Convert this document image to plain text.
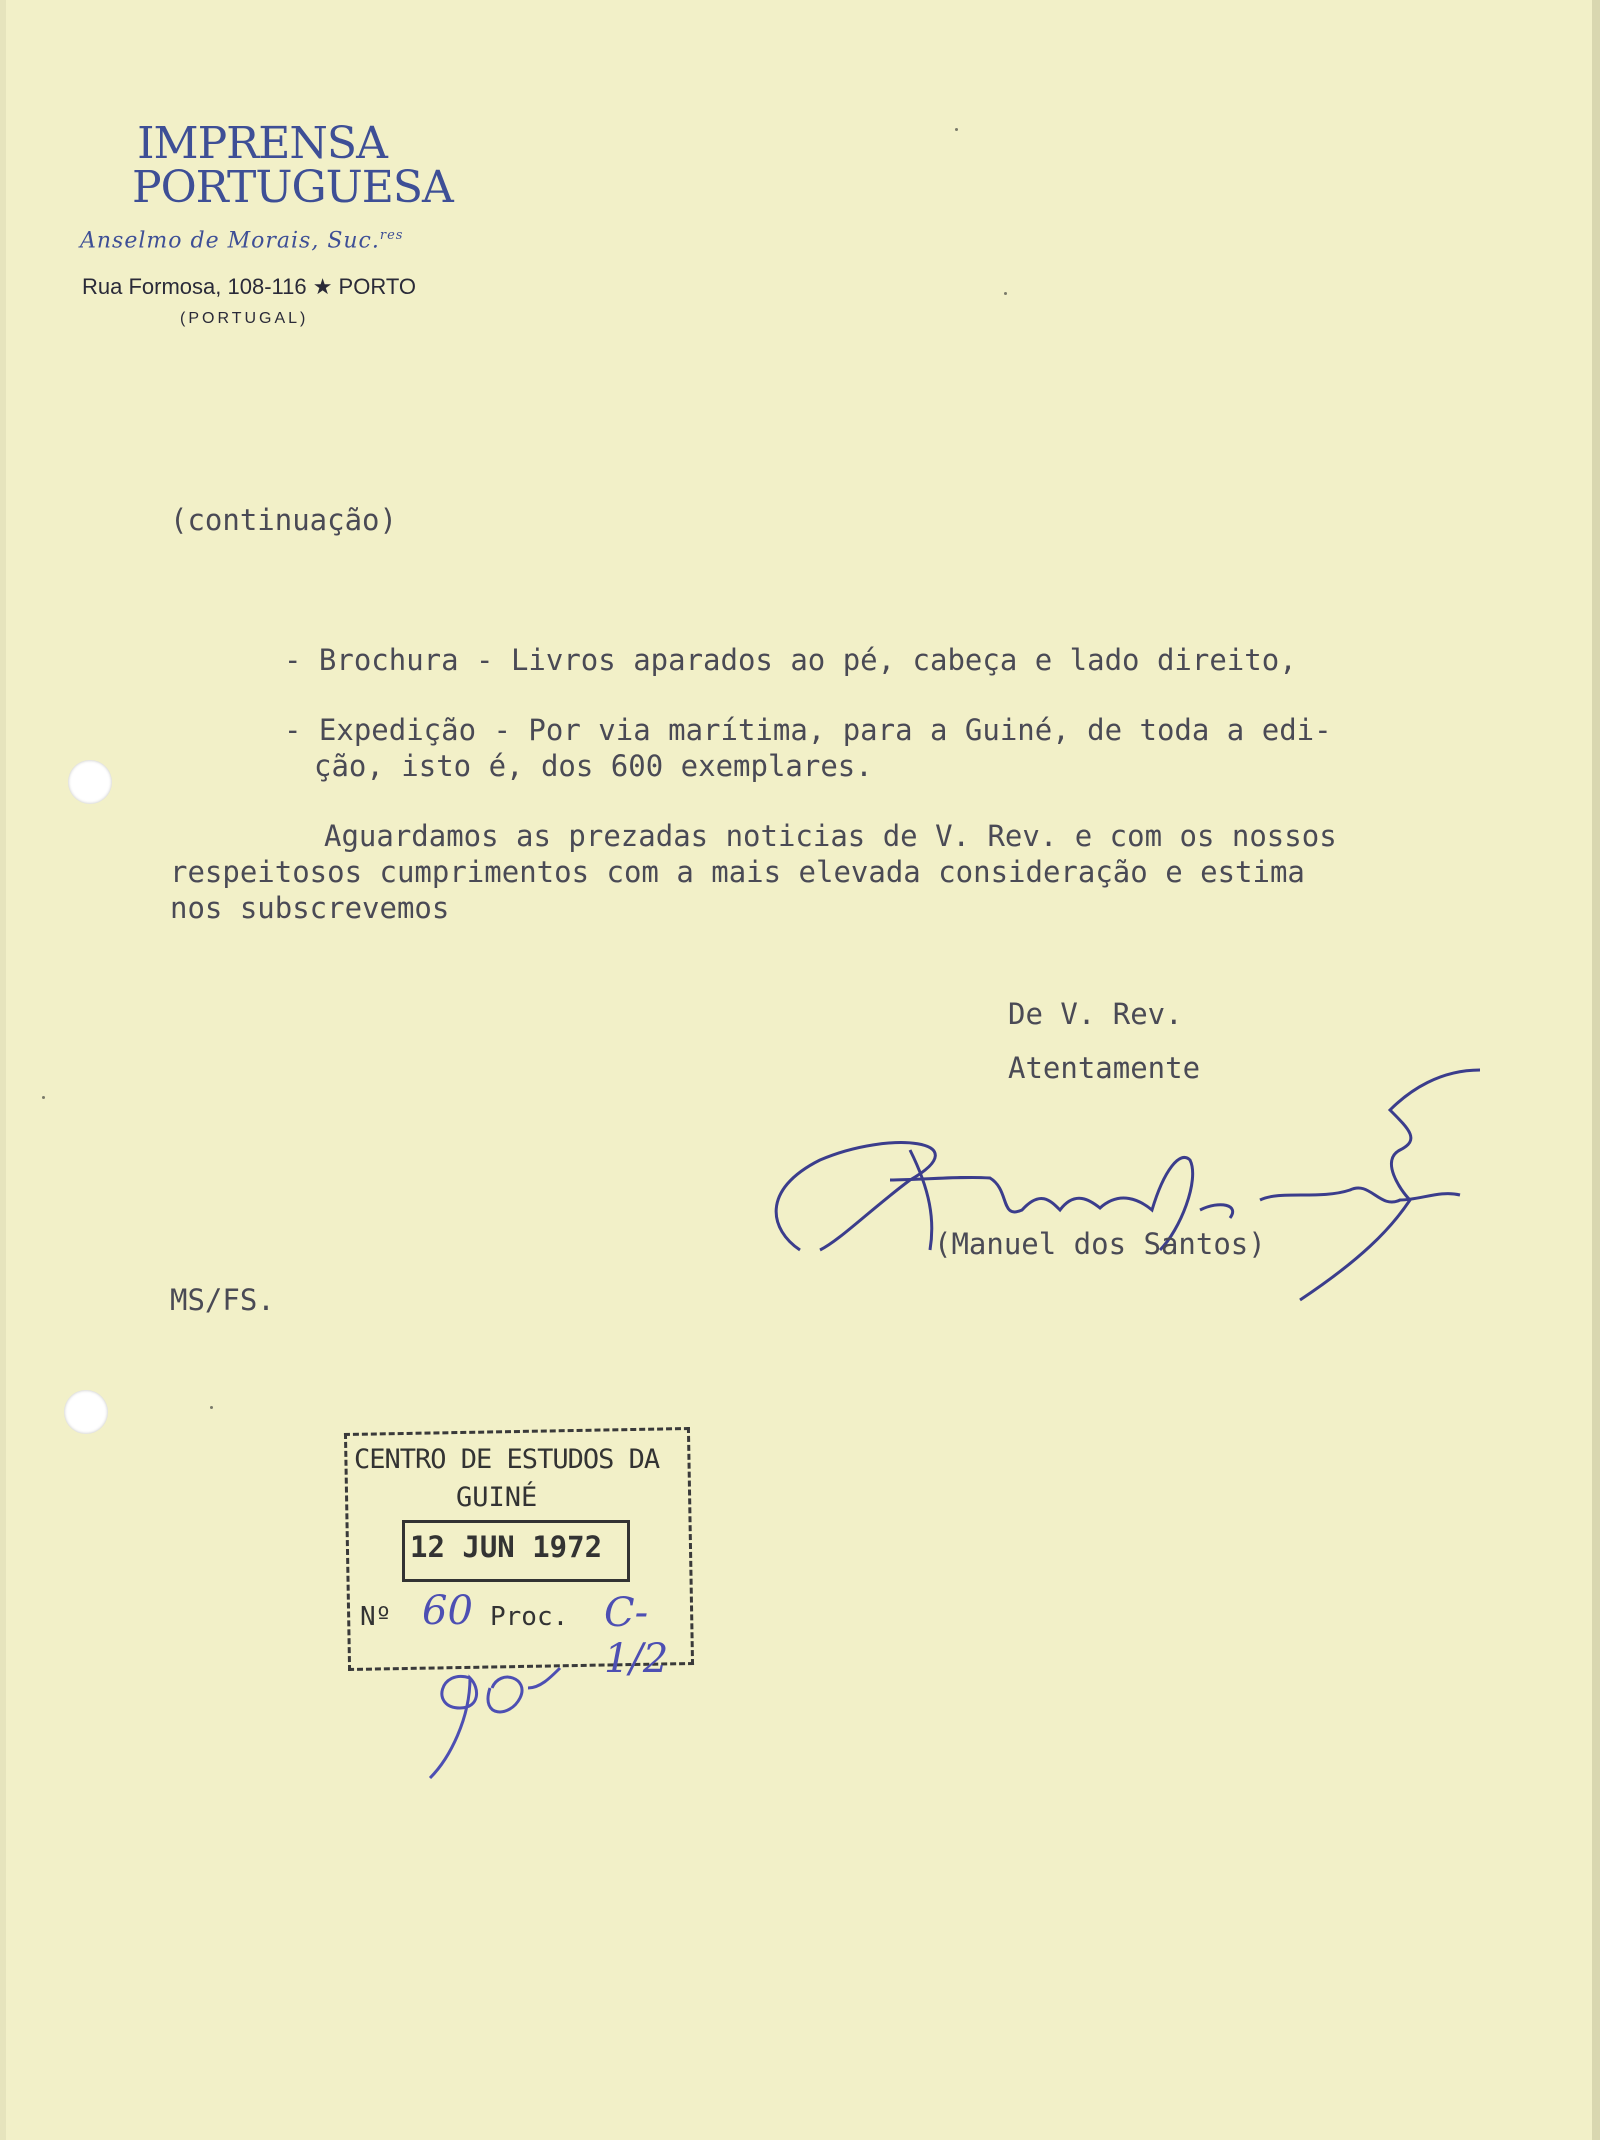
IMPRENSA
PORTUGUESA
Anselmo de Morais, Suc.$^{res}$
Rua Formosa, 108-116 ★ PORTO
(PORTUGAL)
(continuação)
- Brochura - Livros aparados ao pé, cabeça e lado direito,
- Expedição - Por via marítima, para a Guiné, de toda a edi-
ção, isto é, dos 600 exemplares.
Aguardamos as prezadas noticias de V. Rev. e com os nossos
respeitosos cumprimentos com a mais elevada consideração e estima
nos subscrevemos
De V. Rev.
Atentamente
(Manuel dos Santos)
MS/FS.
CENTRO DE ESTUDOS DA
GUINÉ
12 JUN 1972
Nº 60 Proc. C-1/2
